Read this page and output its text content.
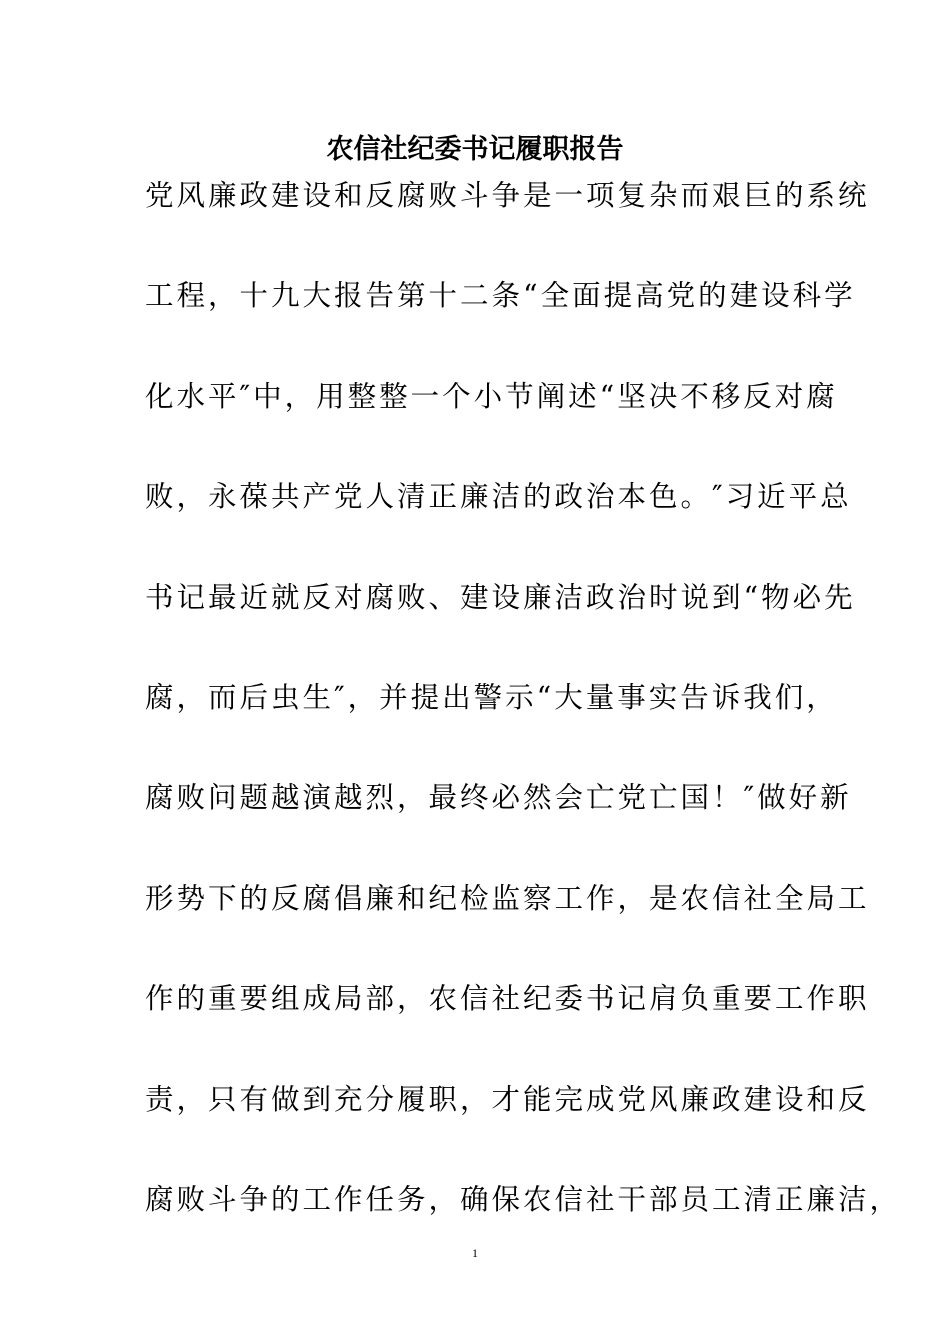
农信社纪委书记履职报告
党风廉政建设和反腐败斗争是一项复杂而艰巨的系统
工程，十九大报告第十二条“全面提高党的建设科学
化水平″中，用整整一个小节阐述“坚决不移反对腐
败，永葆共产党人清正廉洁的政治本色。″习近平总
书记最近就反对腐败、建设廉洁政治时说到“物必先
腐，而后虫生″，并提出警示“大量事实告诉我们，
腐败问题越演越烈，最终必然会亡党亡国！″做好新
形势下的反腐倡廉和纪检监察工作，是农信社全局工
作的重要组成局部，农信社纪委书记肩负重要工作职
责，只有做到充分履职，才能完成党风廉政建设和反
腐败斗争的工作任务，确保农信社干部员工清正廉洁，
1
